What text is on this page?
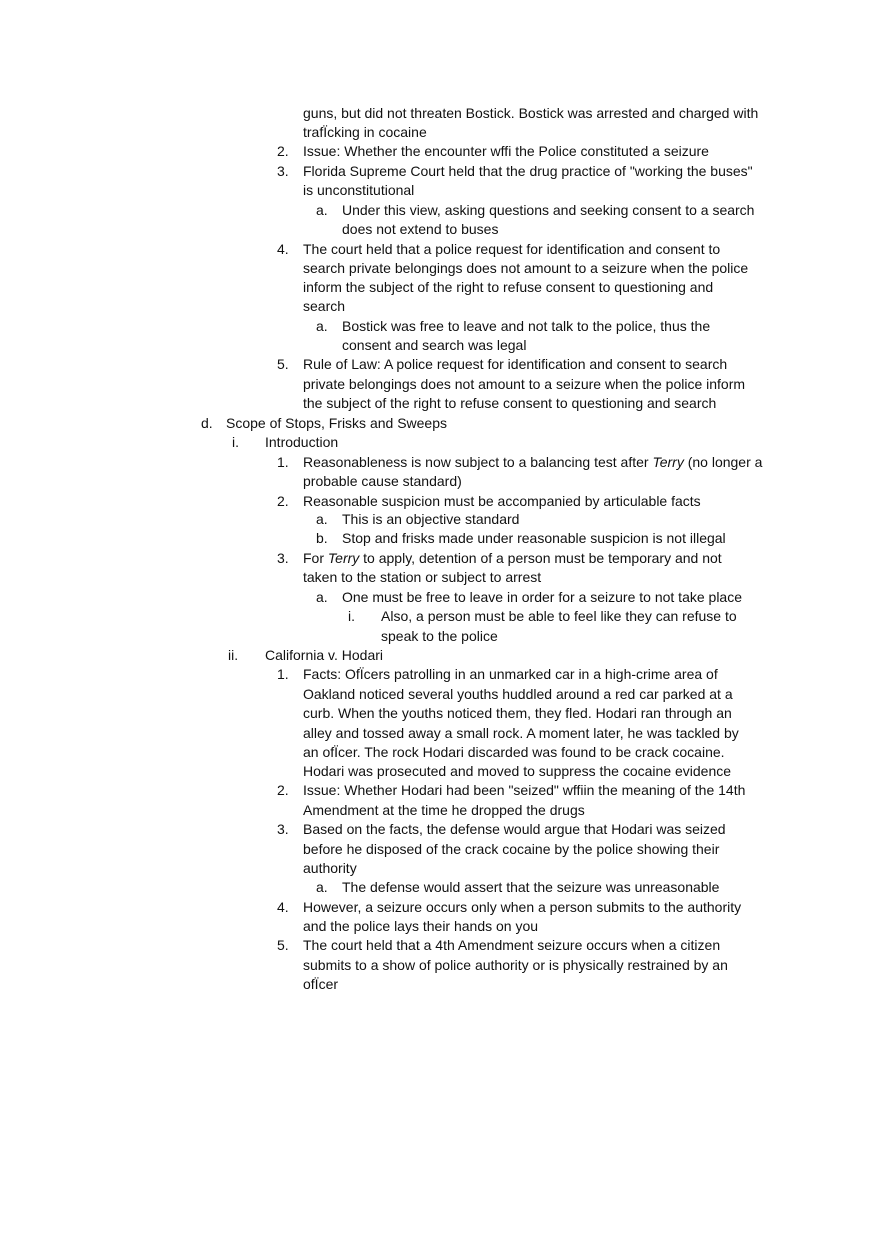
guns, but did not threaten Bostick. Bostick was arrested and charged with
trafÏcking in cocaine
2. Issue: Whether the encounter wffi the Police constituted a seizure
3. Florida Supreme Court held that the drug practice of "working the buses"
is unconstitutional
a. Under this view, asking questions and seeking consent to a search
does not extend to buses
4. The court held that a police request for identification and consent to
search private belongings does not amount to a seizure when the police
inform the subject of the right to refuse consent to questioning and
search
a. Bostick was free to leave and not talk to the police, thus the
consent and search was legal
5. Rule of Law: A police request for identification and consent to search
private belongings does not amount to a seizure when the police inform
the subject of the right to refuse consent to questioning and search
d. Scope of Stops, Frisks and Sweeps
i. Introduction
1. Reasonableness is now subject to a balancing test after Terry (no longer a
probable cause standard)
2. Reasonable suspicion must be accompanied by articulable facts
a. This is an objective standard
b. Stop and frisks made under reasonable suspicion is not illegal
3. For Terry to apply, detention of a person must be temporary and not
taken to the station or subject to arrest
a. One must be free to leave in order for a seizure to not take place
i. Also, a person must be able to feel like they can refuse to
speak to the police
ii. California v. Hodari
1. Facts: OfÏcers patrolling in an unmarked car in a high-crime area of
Oakland noticed several youths huddled around a red car parked at a
curb. When the youths noticed them, they fled. Hodari ran through an
alley and tossed away a small rock. A moment later, he was tackled by
an ofÏcer. The rock Hodari discarded was found to be crack cocaine.
Hodari was prosecuted and moved to suppress the cocaine evidence
2. Issue: Whether Hodari had been "seized" wffiin the meaning of the 14th
Amendment at the time he dropped the drugs
3. Based on the facts, the defense would argue that Hodari was seized
before he disposed of the crack cocaine by the police showing their
authority
a. The defense would assert that the seizure was unreasonable
4. However, a seizure occurs only when a person submits to the authority
and the police lays their hands on you
5. The court held that a 4th Amendment seizure occurs when a citizen
submits to a show of police authority or is physically restrained by an
ofÏcer
